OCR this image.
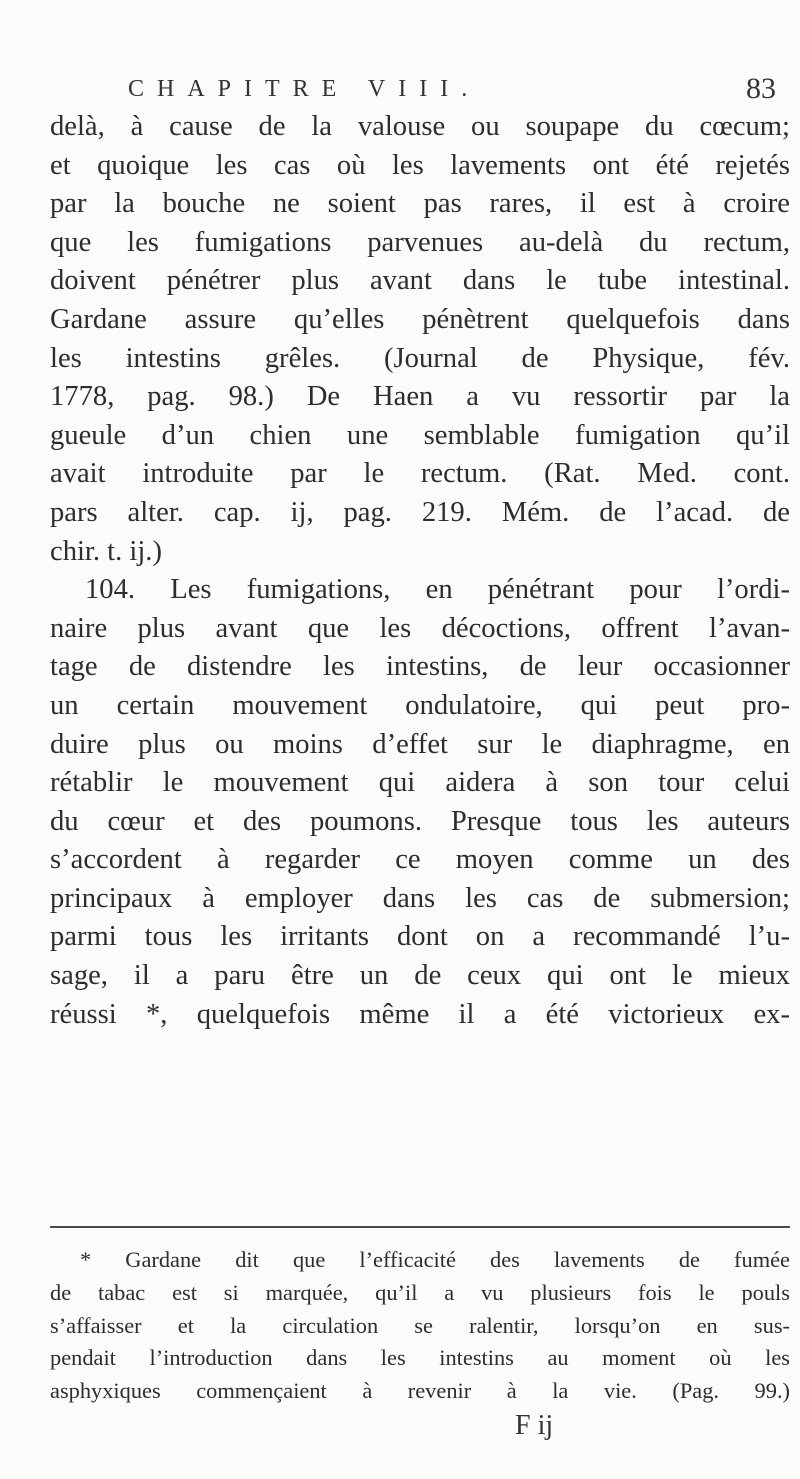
CHAPITRE VIII.	83
delà, à cause de la valouse ou soupape du cœcum;
et quoique les cas où les lavements ont été rejetés
par la bouche ne soient pas rares, il est à croire
que les fumigations parvenues au-delà du rectum,
doivent pénétrer plus avant dans le tube intestinal.
Gardane assure qu’elles pénètrent quelquefois dans
les intestins grêles. (Journal de Physique, fév.
1778, pag. 98.) De Haen a vu ressortir par la
gueule d’un chien une semblable fumigation qu’il
avait introduite par le rectum. (Rat. Med. cont.
pars alter. cap. ij, pag. 219. Mém. de l’acad. de
chir. t. ij.)
104. Les fumigations, en pénétrant pour l’ordi-
naire plus avant que les décoctions, offrent l’avan-
tage de distendre les intestins, de leur occasionner
un certain mouvement ondulatoire, qui peut pro-
duire plus ou moins d’effet sur le diaphragme, en
rétablir le mouvement qui aidera à son tour celui
du cœur et des poumons. Presque tous les auteurs
s’accordent à regarder ce moyen comme un des
principaux à employer dans les cas de submersion;
parmi tous les irritants dont on a recommandé l’u-
sage, il a paru être un de ceux qui ont le mieux
réussi *, quelquefois même il a été victorieux ex-
* Gardane dit que l’efficacité des lavements de fumée
de tabac est si marquée, qu’il a vu plusieurs fois le pouls
s’affaisser et la circulation se ralentir, lorsqu’on en sus-
pendait l’introduction dans les intestins au moment où les
asphyxiques commençaient à revenir à la vie. (Pag. 99.)
F ij
